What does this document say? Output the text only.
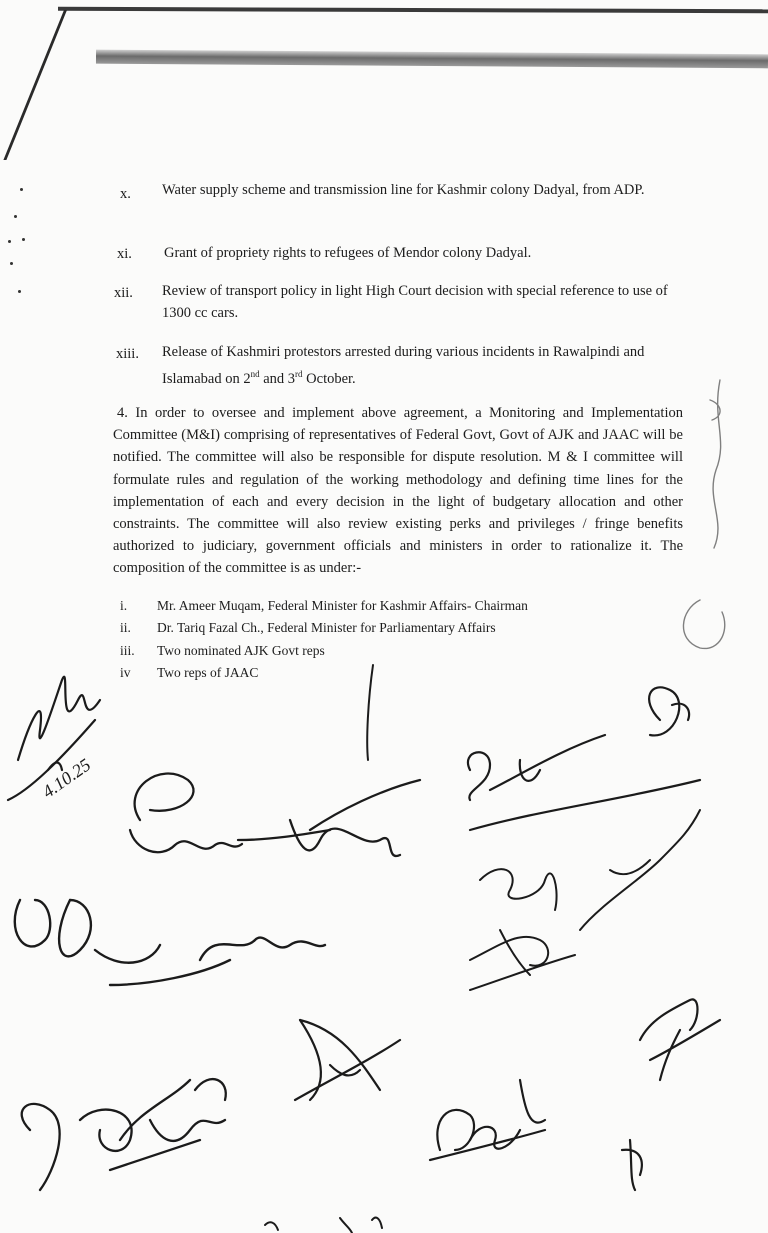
x. Water supply scheme and transmission line for Kashmir colony Dadyal, from ADP.
xi. Grant of propriety rights to refugees of Mendor colony Dadyal.
xii. Review of transport policy in light High Court decision with special reference to use of 1300 cc cars.
xiii. Release of Kashmiri protestors arrested during various incidents in Rawalpindi and Islamabad on 2nd and 3rd October.
4. In order to oversee and implement above agreement, a Monitoring and Implementation Committee (M&I) comprising of representatives of Federal Govt, Govt of AJK and JAAC will be notified. The committee will also be responsible for dispute resolution. M & I committee will formulate rules and regulation of the working methodology and defining time lines for the implementation of each and every decision in the light of budgetary allocation and other constraints. The committee will also review existing perks and privileges / fringe benefits authorized to judiciary, government officials and ministers in order to rationalize it. The composition of the committee is as under:-
i. Mr. Ameer Muqam, Federal Minister for Kashmir Affairs- Chairman
ii. Dr. Tariq Fazal Ch., Federal Minister for Parliamentary Affairs
iii. Two nominated AJK Govt reps
iv Two reps of JAAC
4.10.25
